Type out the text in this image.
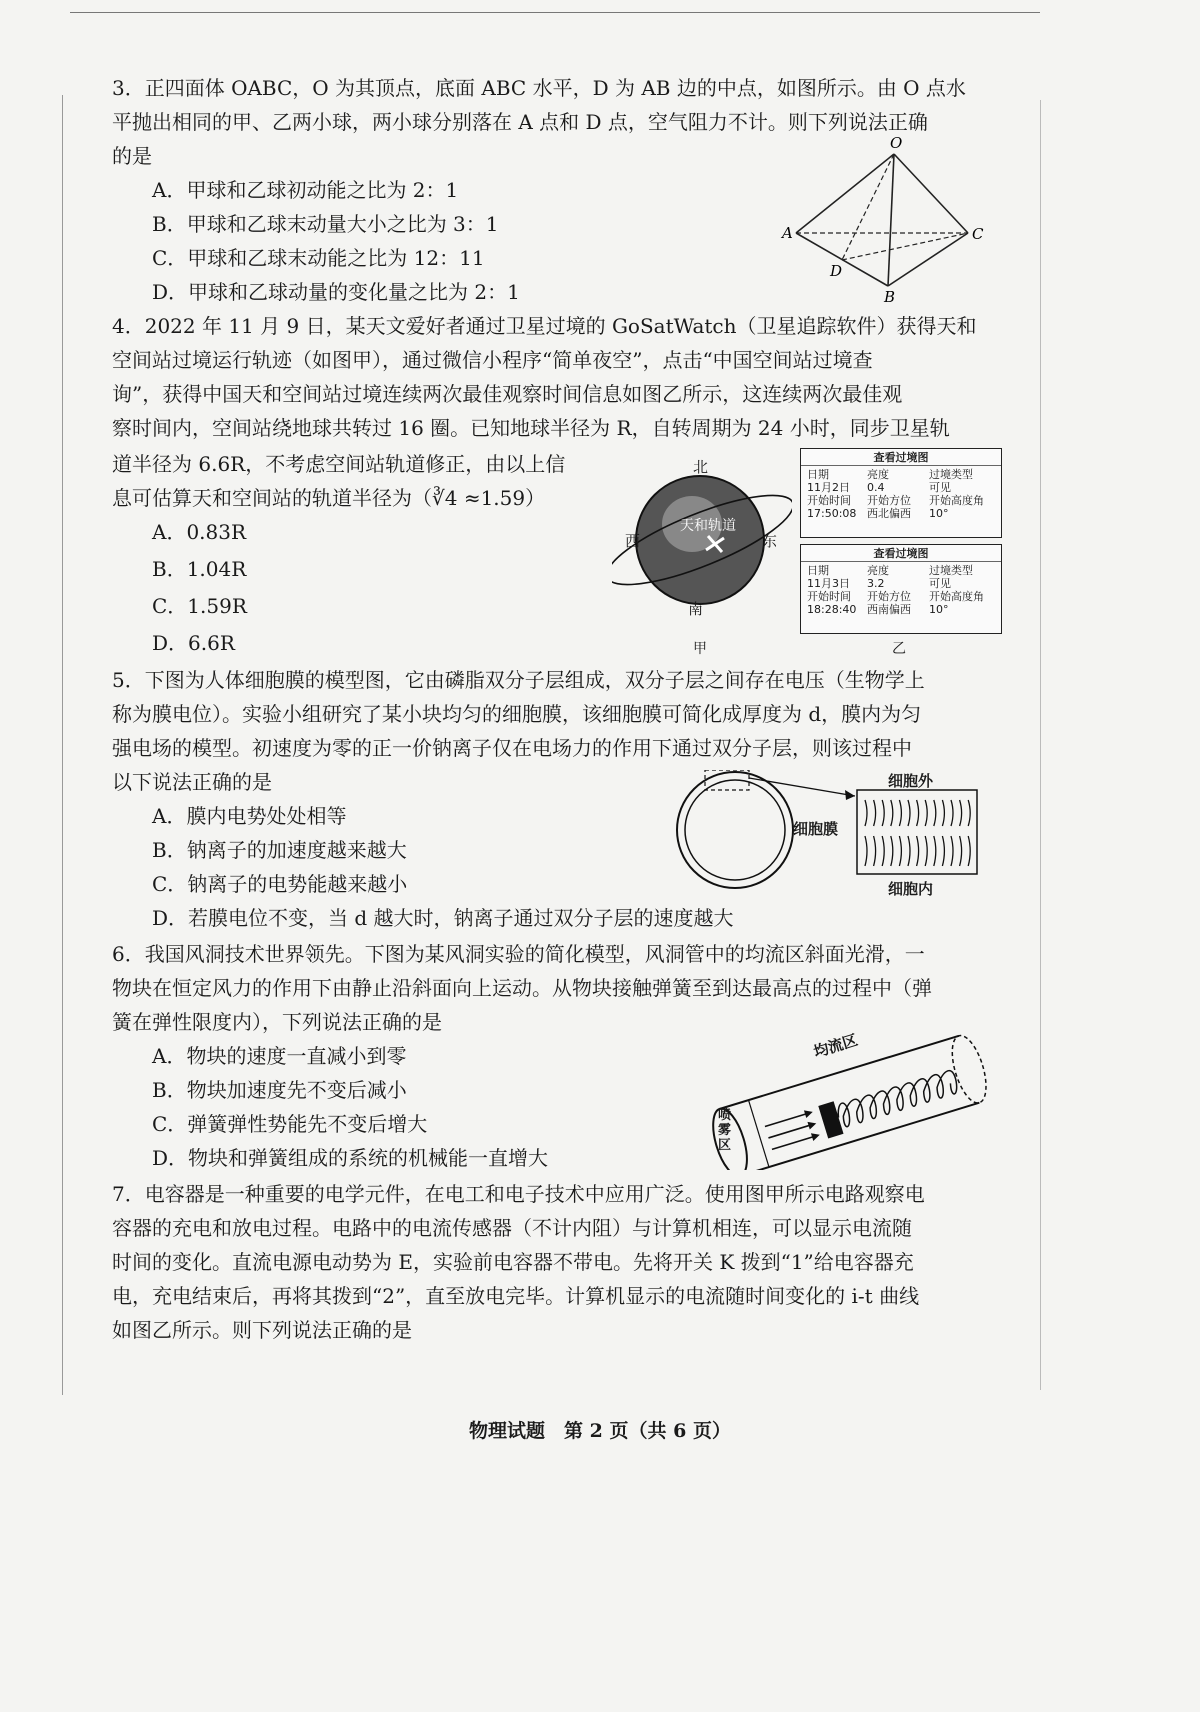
3．正四面体 OABC，O 为其顶点，底面 ABC 水平，D 为 AB 边的中点，如图所示。由 O 点水
平抛出相同的甲、乙两小球，两小球分别落在 A 点和 D 点，空气阻力不计。则下列说法正确
的是
A．甲球和乙球初动能之比为 2：1
B．甲球和乙球末动量大小之比为 3：1
C．甲球和乙球末动能之比为 12：11
D．甲球和乙球动量的变化量之比为 2：1
O
A	C
B
D
4．2022 年 11 月 9 日，某天文爱好者通过卫星过境的 GoSatWatch（卫星追踪软件）获得天和
空间站过境运行轨迹（如图甲），通过微信小程序“简单夜空”，点击“中国空间站过境查
询”，获得中国天和空间站过境连续两次最佳观察时间信息如图乙所示，这连续两次最佳观
察时间内，空间站绕地球共转过 16 圈。已知地球半径为 R，自转周期为 24 小时，同步卫星轨
道半径为 6.6R，不考虑空间站轨道修正，由以上信
息可估算天和空间站的轨道半径为（∛4 ≈1.59）
A．0.83R
B．1.04R
C．1.59R
D．6.6R
北
西	东
天和轨道
南
甲
查看过境图
日期	亮度	过境类型
11月2日	0.4	可见
开始时间	开始方位	开始高度角
17:50:08 西北偏西	10°
查看过境图
日期	亮度	过境类型
11月3日	3.2	可见
开始时间	开始方位	开始高度角
18:28:40 西南偏西	10°
乙
5．下图为人体细胞膜的模型图，它由磷脂双分子层组成，双分子层之间存在电压（生物学上
称为膜电位）。实验小组研究了某小块均匀的细胞膜，该细胞膜可简化成厚度为 d，膜内为匀
强电场的模型。初速度为零的正一价钠离子仅在电场力的作用下通过双分子层，则该过程中
以下说法正确的是
A．膜内电势处处相等
B．钠离子的加速度越来越大
C．钠离子的电势能越来越小
D．若膜电位不变，当 d 越大时，钠离子通过双分子层的速度越大
细胞外
细胞膜
细胞内
6．我国风洞技术世界领先。下图为某风洞实验的简化模型，风洞管中的均流区斜面光滑，一
物块在恒定风力的作用下由静止沿斜面向上运动。从物块接触弹簧至到达最高点的过程中（弹
簧在弹性限度内），下列说法正确的是
A．物块的速度一直减小到零
B．物块加速度先不变后减小
C．弹簧弹性势能先不变后增大
D．物块和弹簧组成的系统的机械能一直增大
均流区
喷雾区
7．电容器是一种重要的电学元件，在电工和电子技术中应用广泛。使用图甲所示电路观察电
容器的充电和放电过程。电路中的电流传感器（不计内阻）与计算机相连，可以显示电流随
时间的变化。直流电源电动势为 E，实验前电容器不带电。先将开关 K 拨到“1”给电容器充
电，充电结束后，再将其拨到“2”，直至放电完毕。计算机显示的电流随时间变化的 i-t 曲线
如图乙所示。则下列说法正确的是
物理试题　第 2 页（共 6 页）
